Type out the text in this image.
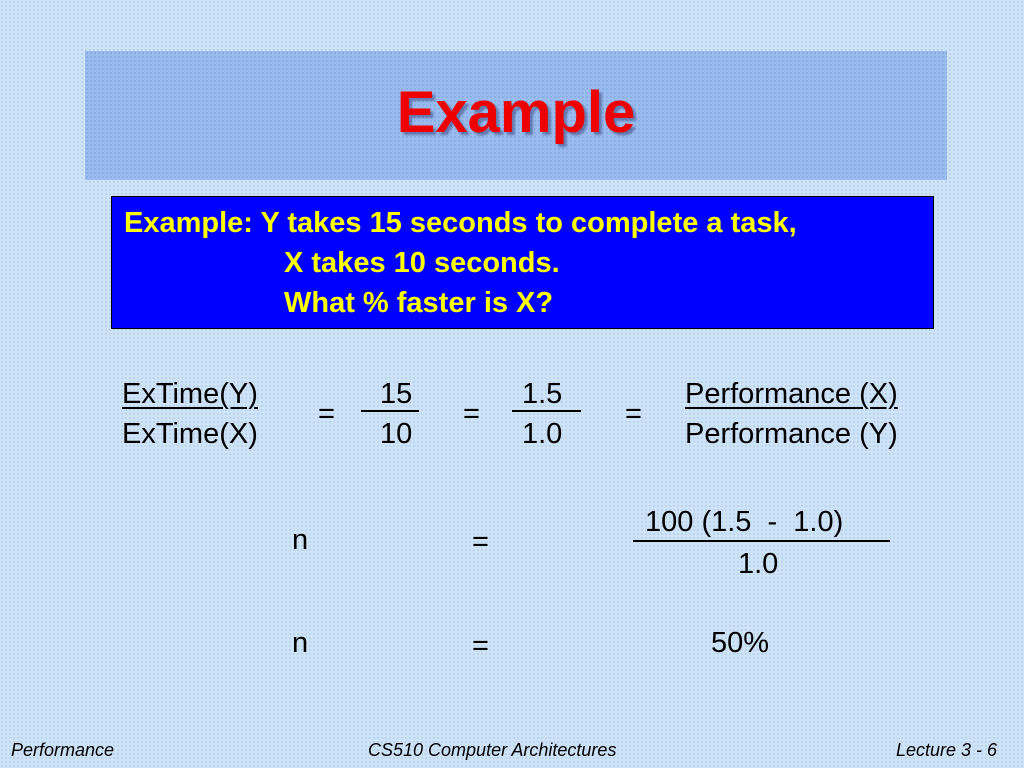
Example
Example: Y takes 15 seconds to complete a task,
X takes 10 seconds.
What % faster is X?
ExTime(Y)
ExTime(X)
=
15
10
=
1.5
1.0
=
Performance (X)
Performance (Y)
n	=
100 (1.5  -  1.0)
1.0
n	=	50%
Performance	CS510 Computer Architectures	Lecture 3 - 6
